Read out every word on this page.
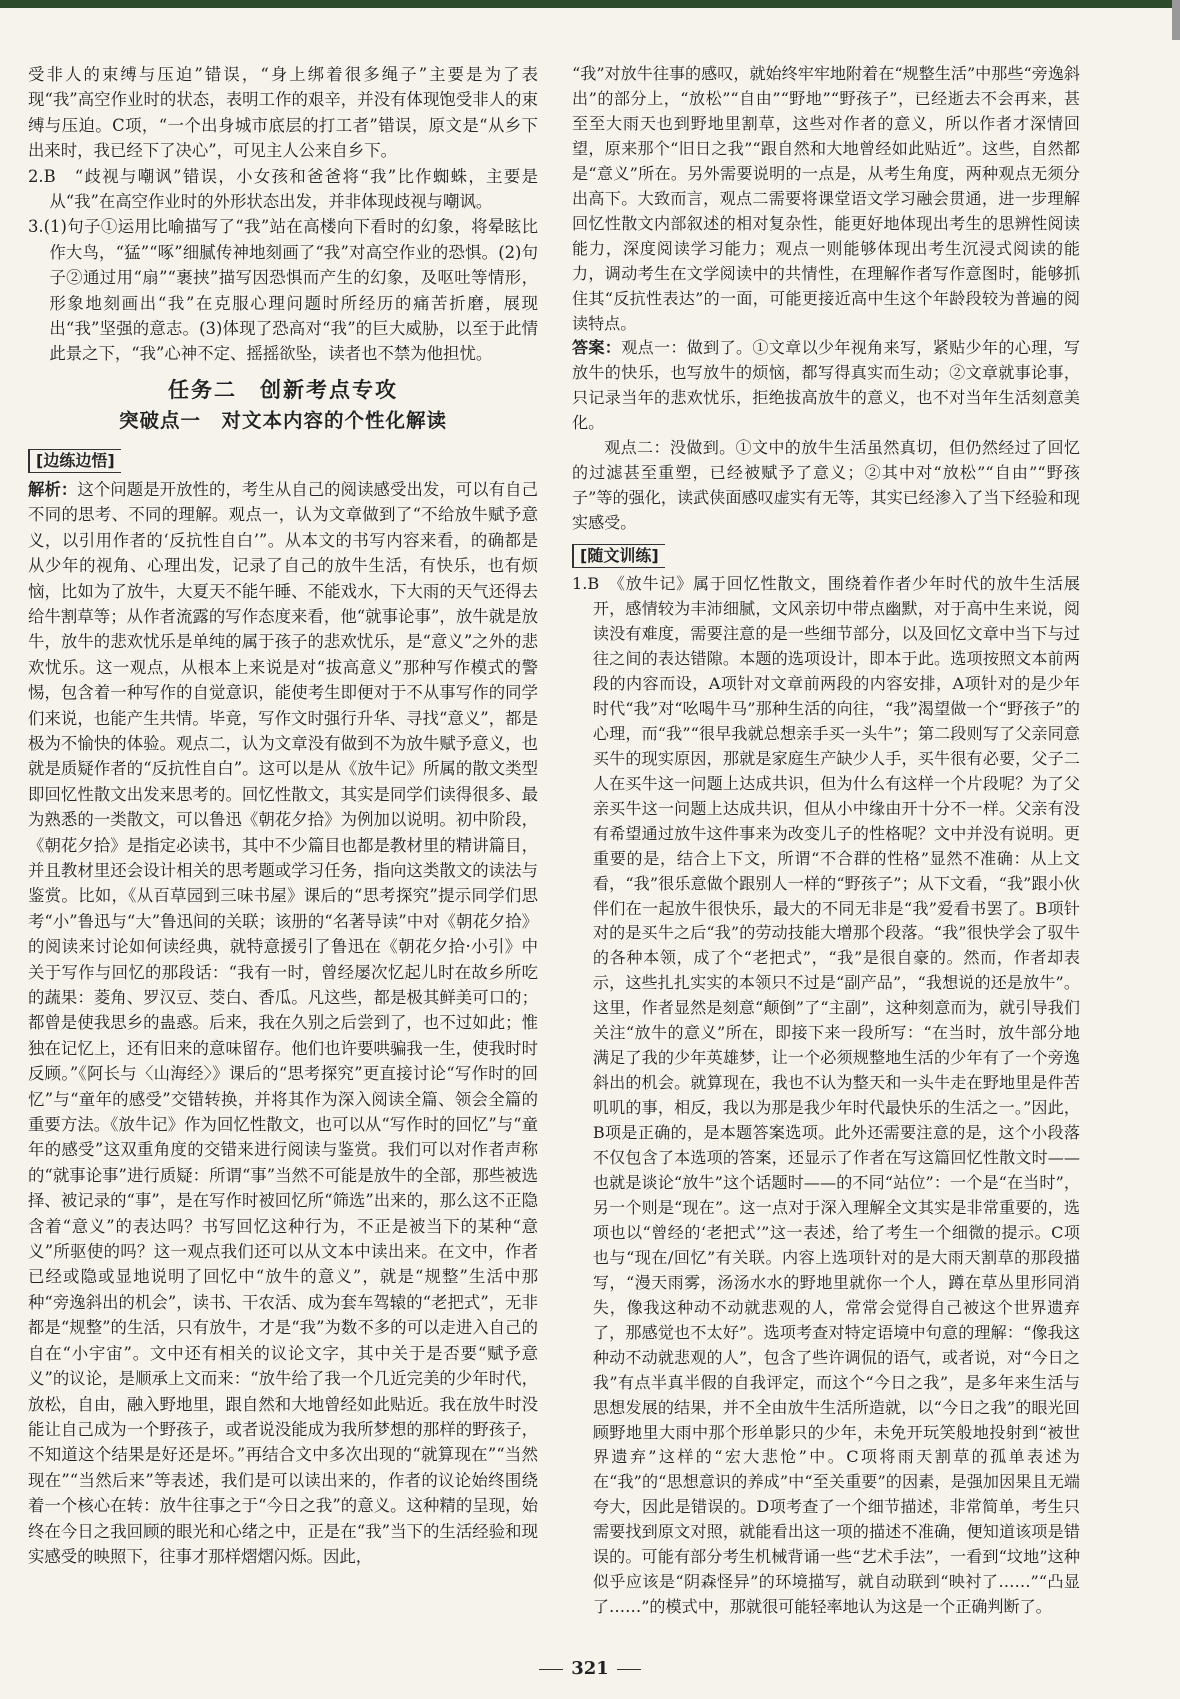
受非人的束缚与压迫”错误，“身上绑着很多绳子”主要是为了表现“我”高空作业时的状态，表明工作的艰辛，并没有体现饱受非人的束缚与压迫。C项，“一个出身城市底层的打工者”错误，原文是“从乡下出来时，我已经下了决心”，可见主人公来自乡下。

2.B　“歧视与嘲讽”错误，小女孩和爸爸将“我”比作蜘蛛，主要是从“我”在高空作业时的外形状态出发，并非体现歧视与嘲讽。

3.(1)句子①运用比喻描写了“我”站在高楼向下看时的幻象，将晕眩比作大鸟，“猛”“啄”细腻传神地刻画了“我”对高空作业的恐惧。(2)句子②通过用“扇”“裹挟”描写因恐惧而产生的幻象，及呕吐等情形，形象地刻画出“我”在克服心理问题时所经历的痛苦折磨，展现出“我”坚强的意志。(3)体现了恐高对“我”的巨大威胁，以至于此情此景之下，“我”心神不定、摇摇欲坠，读者也不禁为他担忧。

任务二　创新考点专攻
突破点一　对文本内容的个性化解读
[边练边悟]

解析：这个问题是开放性的，考生从自己的阅读感受出发，可以有自己不同的思考、不同的理解。观点一，认为文章做到了“不给放牛赋予意义，以引用作者的‘反抗性自白’”。从本文的书写内容来看，的确都是从少年的视角、心理出发，记录了自己的放牛生活，有快乐，也有烦恼，比如为了放牛，大夏天不能午睡、不能戏水，下大雨的天气还得去给牛割草等；从作者流露的写作态度来看，他“就事论事”，放牛就是放牛，放牛的悲欢忧乐是单纯的属于孩子的悲欢忧乐，是“意义”之外的悲欢忧乐。这一观点，从根本上来说是对“拔高意义”那种写作模式的警惕，包含着一种写作的自觉意识，能使考生即便对于不从事写作的同学们来说，也能产生共情。毕竟，写作文时强行升华、寻找“意义”，都是极为不愉快的体验。观点二，认为文章没有做到不为放牛赋予意义，也就是质疑作者的“反抗性自白”。这可以是从《放牛记》所属的散文类型即回忆性散文出发来思考的。回忆性散文，其实是同学们读得很多、最为熟悉的一类散文，可以鲁迅《朝花夕拾》为例加以说明。初中阶段，《朝花夕拾》是指定必读书，其中不少篇目也都是教材里的精讲篇目，并且教材里还会设计相关的思考题或学习任务，指向这类散文的读法与鉴赏。比如，《从百草园到三味书屋》课后的“思考探究”提示同学们思考“小”鲁迅与“大”鲁迅间的关联；该册的“名著导读”中对《朝花夕拾》的阅读来讨论如何读经典，就特意援引了鲁迅在《朝花夕拾·小引》中关于写作与回忆的那段话：“我有一时，曾经屡次忆起儿时在故乡所吃的蔬果：菱角、罗汉豆、茭白、香瓜。凡这些，都是极其鲜美可口的；都曾是使我思乡的蛊惑。后来，我在久别之后尝到了，也不过如此；惟独在记忆上，还有旧来的意味留存。他们也许要哄骗我一生，使我时时反顾。”《阿长与〈山海经〉》课后的“思考探究”更直接讨论“写作时的回忆”与“童年的感受”交错转换，并将其作为深入阅读全篇、领会全篇的重要方法。《放牛记》作为回忆性散文，也可以从“写作时的回忆”与“童年的感受”这双重角度的交错来进行阅读与鉴赏。我们可以对作者声称的“就事论事”进行质疑：所谓“事”当然不可能是放牛的全部，那些被选择、被记录的“事”，是在写作时被回忆所“筛选”出来的，那么这不正隐含着“意义”的表达吗？书写回忆这种行为，不正是被当下的某种“意义”所驱使的吗？这一观点我们还可以从文本中读出来。在文中，作者已经或隐或显地说明了回忆中“放牛的意义”，就是“规整”生活中那种“旁逸斜出的机会”，读书、干农活、成为套车驾辕的“老把式”，无非都是“规整”的生活，只有放牛，才是“我”为数不多的可以走进入自己的自在“小宇宙”。文中还有相关的议论文字，其中关于是否要“赋予意义”的议论，是顺承上文而来：“放牛给了我一个几近完美的少年时代，放松，自由，融入野地里，跟自然和大地曾经如此贴近。我在放牛时没能让自己成为一个野孩子，或者说没能成为我所梦想的那样的野孩子，不知道这个结果是好还是坏。”再结合文中多次出现的“就算现在”“当然现在”“当然后来”等表述，我们是可以读出来的，作者的议论始终围绕着一个核心在转：放牛往事之于“今日之我”的意义。这种精的呈现，始终在今日之我回顾的眼光和心绪之中，正是在“我”当下的生活经验和现实感受的映照下，往事才那样熠熠闪烁。因此，

“我”对放牛往事的感叹，就始终牢牢地附着在“规整生活”中那些“旁逸斜出”的部分上，“放松”“自由”“野地”“野孩子”，已经逝去不会再来，甚至至大雨天也到野地里割草，这些对作者的意义，所以作者才深情回望，原来那个“旧日之我”“跟自然和大地曾经如此贴近”。这些，自然都是“意义”所在。另外需要说明的一点是，从考生角度，两种观点无须分出高下。大致而言，观点二需要将课堂语文学习融会贯通，进一步理解回忆性散文内部叙述的相对复杂性，能更好地体现出考生的思辨性阅读能力，深度阅读学习能力；观点一则能够体现出考生沉浸式阅读的能力，调动考生在文学阅读中的共情性，在理解作者写作意图时，能够抓住其“反抗性表达”的一面，可能更接近高中生这个年龄段较为普遍的阅读特点。

答案：观点一：做到了。①文章以少年视角来写，紧贴少年的心理，写放牛的快乐，也写放牛的烦恼，都写得真实而生动；②文章就事论事，只记录当年的悲欢忧乐，拒绝拔高放牛的意义，也不对当年生活刻意美化。

观点二：没做到。①文中的放牛生活虽然真切，但仍然经过了回忆的过滤甚至重塑，已经被赋予了意义；②其中对“放松”“自由”“野孩子”等的强化，读武侠面感叹虚实有无等，其实已经渗入了当下经验和现实感受。

[随文训练]

1.B　《放牛记》属于回忆性散文，围绕着作者少年时代的放牛生活展开，感情较为丰沛细腻，文风亲切中带点幽默，对于高中生来说，阅读没有难度，需要注意的是一些细节部分，以及回忆文章中当下与过往之间的表达错隙。本题的选项设计，即本于此。选项按照文本前两段的内容而设，A项针对文章前两段的内容安排，A项针对的是少年时代“我”对“吆喝牛马”那种生活的向往，“我”渴望做一个“野孩子”的心理，而“我”“很早我就总想亲手买一头牛”；第二段则写了父亲同意买牛的现实原因，那就是家庭生产缺少人手，买牛很有必要，父子二人在买牛这一问题上达成共识，但为什么有这样一个片段呢？为了父亲买牛这一问题上达成共识，但从小中缘由开十分不一样。父亲有没有希望通过放牛这件事来为改变儿子的性格呢？文中并没有说明。更重要的是，结合上下文，所谓“不合群的性格”显然不准确：从上文看，“我”很乐意做个跟别人一样的“野孩子”；从下文看，“我”跟小伙伴们在一起放牛很快乐，最大的不同无非是“我”爱看书罢了。B项针对的是买牛之后“我”的劳动技能大增那个段落。“我”很快学会了驭牛的各种本领，成了个“老把式”，“我”是很自豪的。然而，作者却表示，这些扎扎实实的本领只不过是“副产品”，“我想说的还是放牛”。这里，作者显然是刻意“颠倒”了“主副”，这种刻意而为，就引导我们关注“放牛的意义”所在，即接下来一段所写：“在当时，放牛部分地满足了我的少年英雄梦，让一个必须规整地生活的少年有了一个旁逸斜出的机会。就算现在，我也不认为整天和一头牛走在野地里是件苦叽叽的事，相反，我以为那是我少年时代最快乐的生活之一。”因此，B项是正确的，是本题答案选项。此外还需要注意的是，这个小段落不仅包含了本选项的答案，还显示了作者在写这篇回忆性散文时——也就是谈论“放牛”这个话题时——的不同“站位”：一个是“在当时”，另一个则是“现在”。这一点对于深入理解全文其实是非常重要的，选项也以“曾经的‘老把式’”这一表述，给了考生一个细微的提示。C项也与“现在/回忆”有关联。内容上选项针对的是大雨天割草的那段描写，“漫天雨雾，汤汤水水的野地里就你一个人，蹲在草丛里形同消失，像我这种动不动就悲观的人，常常会觉得自己被这个世界遗弃了，那感觉也不太好”。选项考查对特定语境中句意的理解：“像我这种动不动就悲观的人”，包含了些许调侃的语气，或者说，对“今日之我”有点半真半假的自我评定，而这个“今日之我”，是多年来生活与思想发展的结果，并不全由放牛生活所造就，以“今日之我”的眼光回顾野地里大雨中那个形单影只的少年，未免开玩笑般地投射到“被世界遗弃”这样的“宏大悲怆”中。C项将雨天割草的孤单表述为在“我”的“思想意识的养成”中“至关重要”的因素，是强加因果且无端夸大，因此是错误的。D项考查了一个细节描述，非常简单，考生只需要找到原文对照，就能看出这一项的描述不准确，便知道该项是错误的。可能有部分考生机械背诵一些“艺术手法”，一看到“坟地”这种似乎应该是“阴森怪异”的环境描写，就自动联到“映衬了……”“凸显了……”的模式中，那就很可能轻率地认为这是一个正确判断了。

321
